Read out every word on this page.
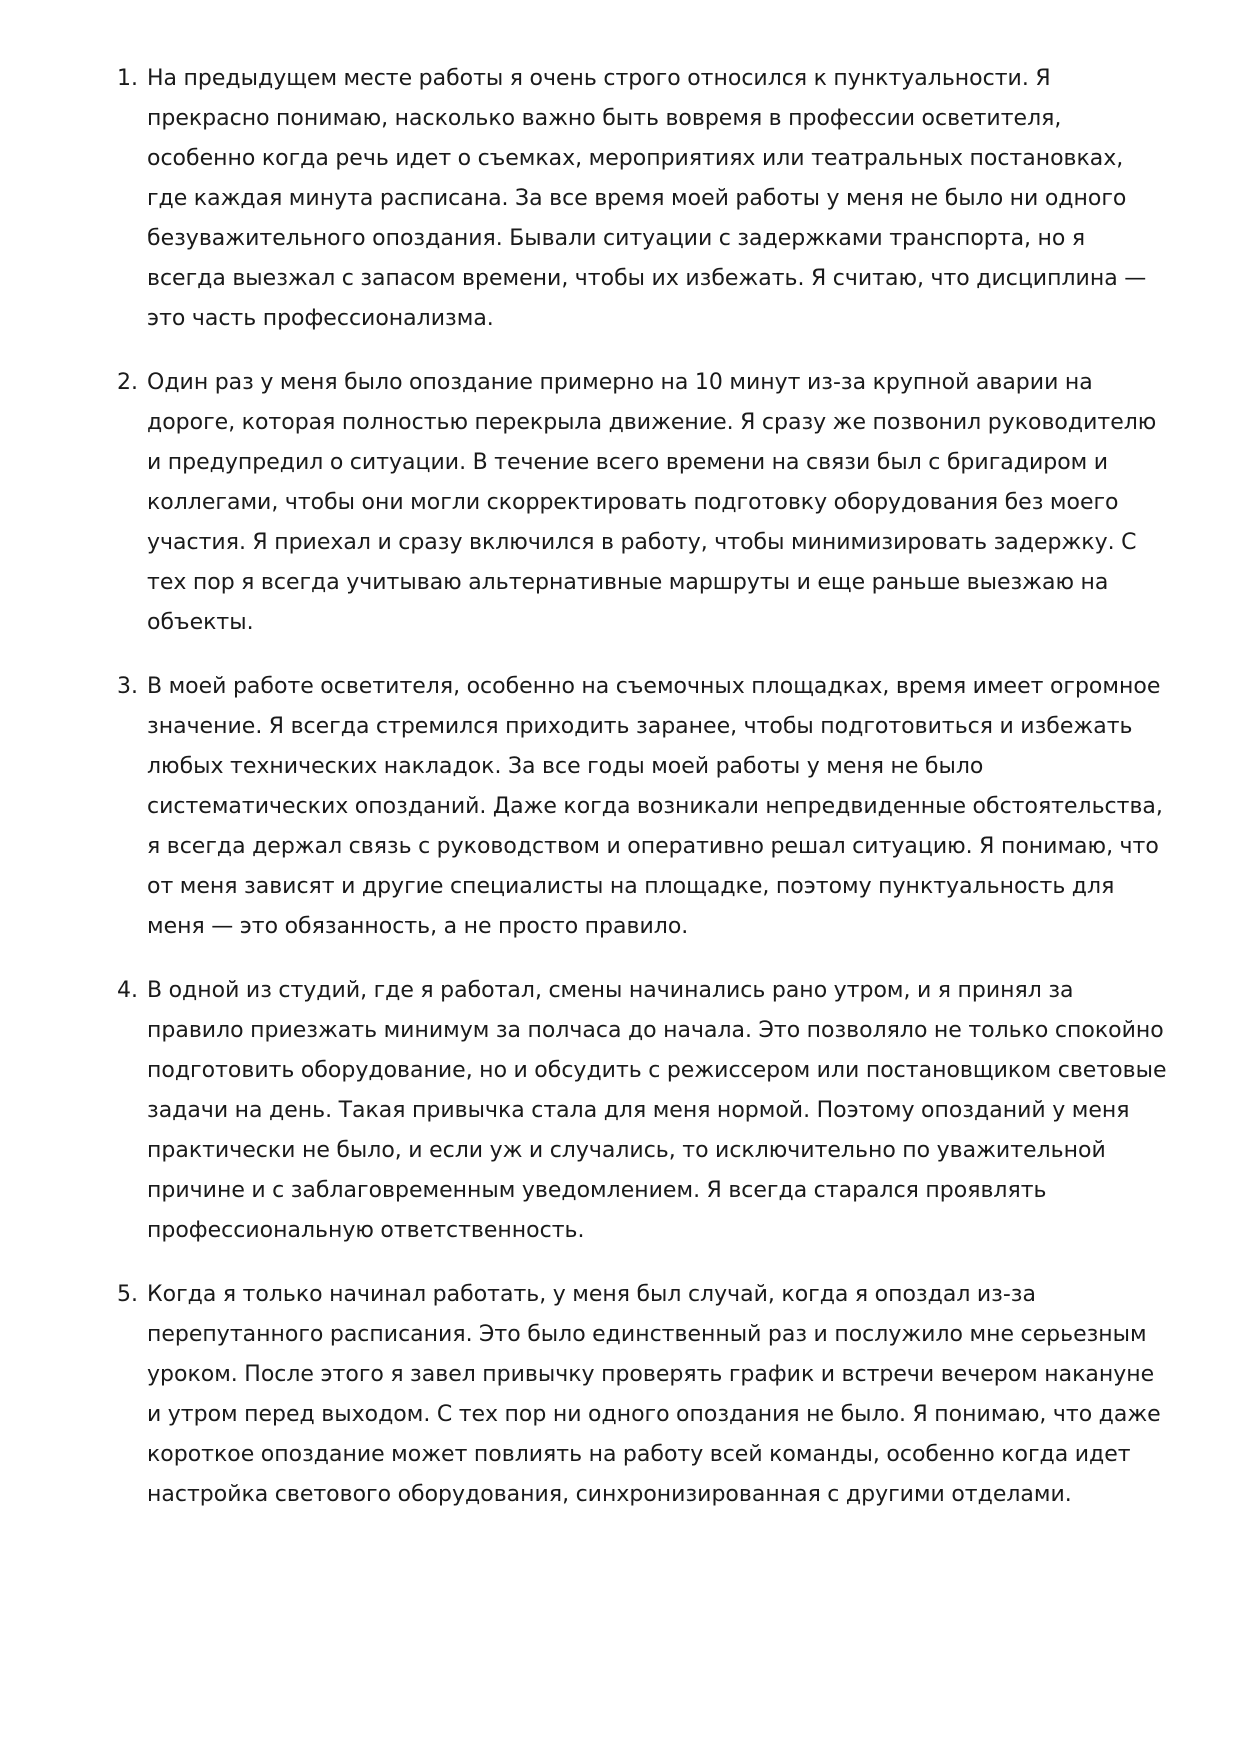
1. На предыдущем месте работы я очень строго относился к пунктуальности. Я прекрасно понимаю, насколько важно быть вовремя в профессии осветителя, особенно когда речь идет о съемках, мероприятиях или театральных постановках, где каждая минута расписана. За все время моей работы у меня не было ни одного безуважительного опоздания. Бывали ситуации с задержками транспорта, но я всегда выезжал с запасом времени, чтобы их избежать. Я считаю, что дисциплина — это часть профессионализма.
2. Один раз у меня было опоздание примерно на 10 минут из-за крупной аварии на дороге, которая полностью перекрыла движение. Я сразу же позвонил руководителю и предупредил о ситуации. В течение всего времени на связи был с бригадиром и коллегами, чтобы они могли скорректировать подготовку оборудования без моего участия. Я приехал и сразу включился в работу, чтобы минимизировать задержку. С тех пор я всегда учитываю альтернативные маршруты и еще раньше выезжаю на объекты.
3. В моей работе осветителя, особенно на съемочных площадках, время имеет огромное значение. Я всегда стремился приходить заранее, чтобы подготовиться и избежать любых технических накладок. За все годы моей работы у меня не было систематических опозданий. Даже когда возникали непредвиденные обстоятельства, я всегда держал связь с руководством и оперативно решал ситуацию. Я понимаю, что от меня зависят и другие специалисты на площадке, поэтому пунктуальность для меня — это обязанность, а не просто правило.
4. В одной из студий, где я работал, смены начинались рано утром, и я принял за правило приезжать минимум за полчаса до начала. Это позволяло не только спокойно подготовить оборудование, но и обсудить с режиссером или постановщиком световые задачи на день. Такая привычка стала для меня нормой. Поэтому опозданий у меня практически не было, и если уж и случались, то исключительно по уважительной причине и с заблаговременным уведомлением. Я всегда старался проявлять профессиональную ответственность.
5. Когда я только начинал работать, у меня был случай, когда я опоздал из-за перепутанного расписания. Это было единственный раз и послужило мне серьезным уроком. После этого я завел привычку проверять график и встречи вечером накануне и утром перед выходом. С тех пор ни одного опоздания не было. Я понимаю, что даже короткое опоздание может повлиять на работу всей команды, особенно когда идет настройка светового оборудования, синхронизированная с другими отделами.
